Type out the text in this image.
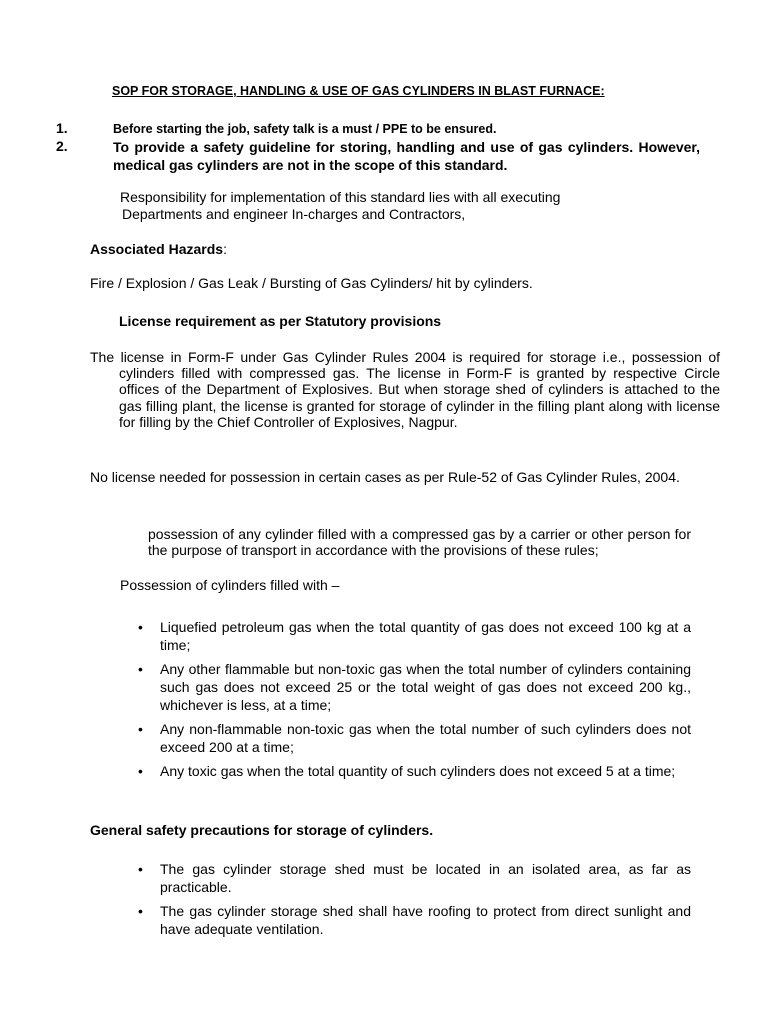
SOP FOR STORAGE, HANDLING & USE OF GAS CYLINDERS IN BLAST FURNACE:
1.	Before starting the job, safety talk is a must / PPE to be ensured.
2.	To provide a safety guideline for storing, handling and use of gas cylinders. However, medical gas cylinders are not in the scope of this standard.
Responsibility for implementation of this standard lies with all executing
Departments and engineer In-charges and Contractors,
Associated Hazards:
Fire / Explosion / Gas Leak / Bursting of Gas Cylinders/ hit by cylinders.
License requirement as per Statutory provisions
The license in Form-F under Gas Cylinder Rules 2004 is required for storage i.e., possession of cylinders filled with compressed gas. The license in Form-F is granted by respective Circle offices of the Department of Explosives. But when storage shed of cylinders is attached to the gas filling plant, the license is granted for storage of cylinder in the filling plant along with license for filling by the Chief Controller of Explosives, Nagpur.
No license needed for possession in certain cases as per Rule-52 of Gas Cylinder Rules, 2004.
possession of any cylinder filled with a compressed gas by a carrier or other person for the purpose of transport in accordance with the provisions of these rules;
Possession of cylinders filled with –
•	Liquefied petroleum gas when the total quantity of gas does not exceed 100 kg at a time;
•	Any other flammable but non-toxic gas when the total number of cylinders containing such gas does not exceed 25 or the total weight of gas does not exceed 200 kg., whichever is less, at a time;
•	Any non-flammable non-toxic gas when the total number of such cylinders does not exceed 200 at a time;
•	Any toxic gas when the total quantity of such cylinders does not exceed 5 at a time;
General safety precautions for storage of cylinders.
•	The gas cylinder storage shed must be located in an isolated area, as far as practicable.
•	The gas cylinder storage shed shall have roofing to protect from direct sunlight and have adequate ventilation.
